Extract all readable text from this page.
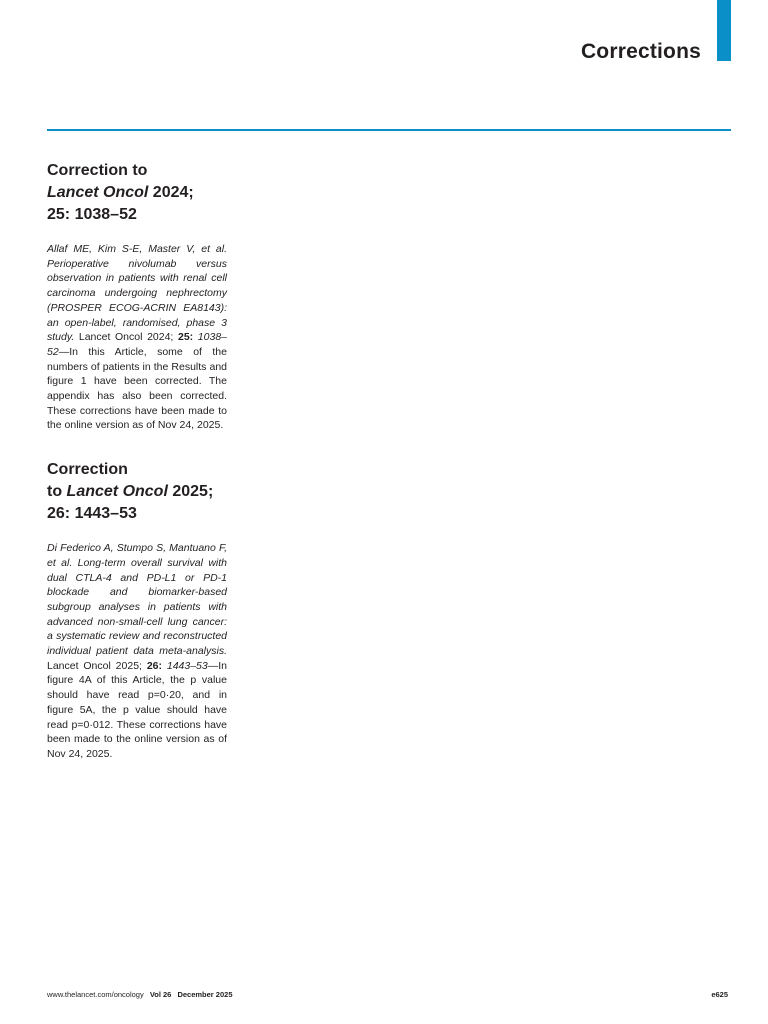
Corrections
Correction to
Lancet Oncol 2024;
25: 1038–52

Allaf ME, Kim S-E, Master V, et al. Perioperative nivolumab versus observation in patients with renal cell carcinoma undergoing nephrectomy (PROSPER ECOG-ACRIN EA8143): an open-label, randomised, phase 3 study. Lancet Oncol 2024; 25: 1038–52—In this Article, some of the numbers of patients in the Results and figure 1 have been corrected. The appendix has also been corrected. These corrections have been made to the online version as of Nov 24, 2025.

Correction
to Lancet Oncol 2025;
26: 1443–53

Di Federico A, Stumpo S, Mantuano F, et al. Long-term overall survival with dual CTLA-4 and PD-L1 or PD-1 blockade and biomarker-based subgroup analyses in patients with advanced non-small-cell lung cancer: a systematic review and reconstructed individual patient data meta-analysis. Lancet Oncol 2025; 26: 1443–53—In figure 4A of this Article, the p value should have read p=0·20, and in figure 5A, the p value should have read p=0·012. These corrections have been made to the online version as of Nov 24, 2025.

www.thelancet.com/oncology Vol 26 December 2025	e625
